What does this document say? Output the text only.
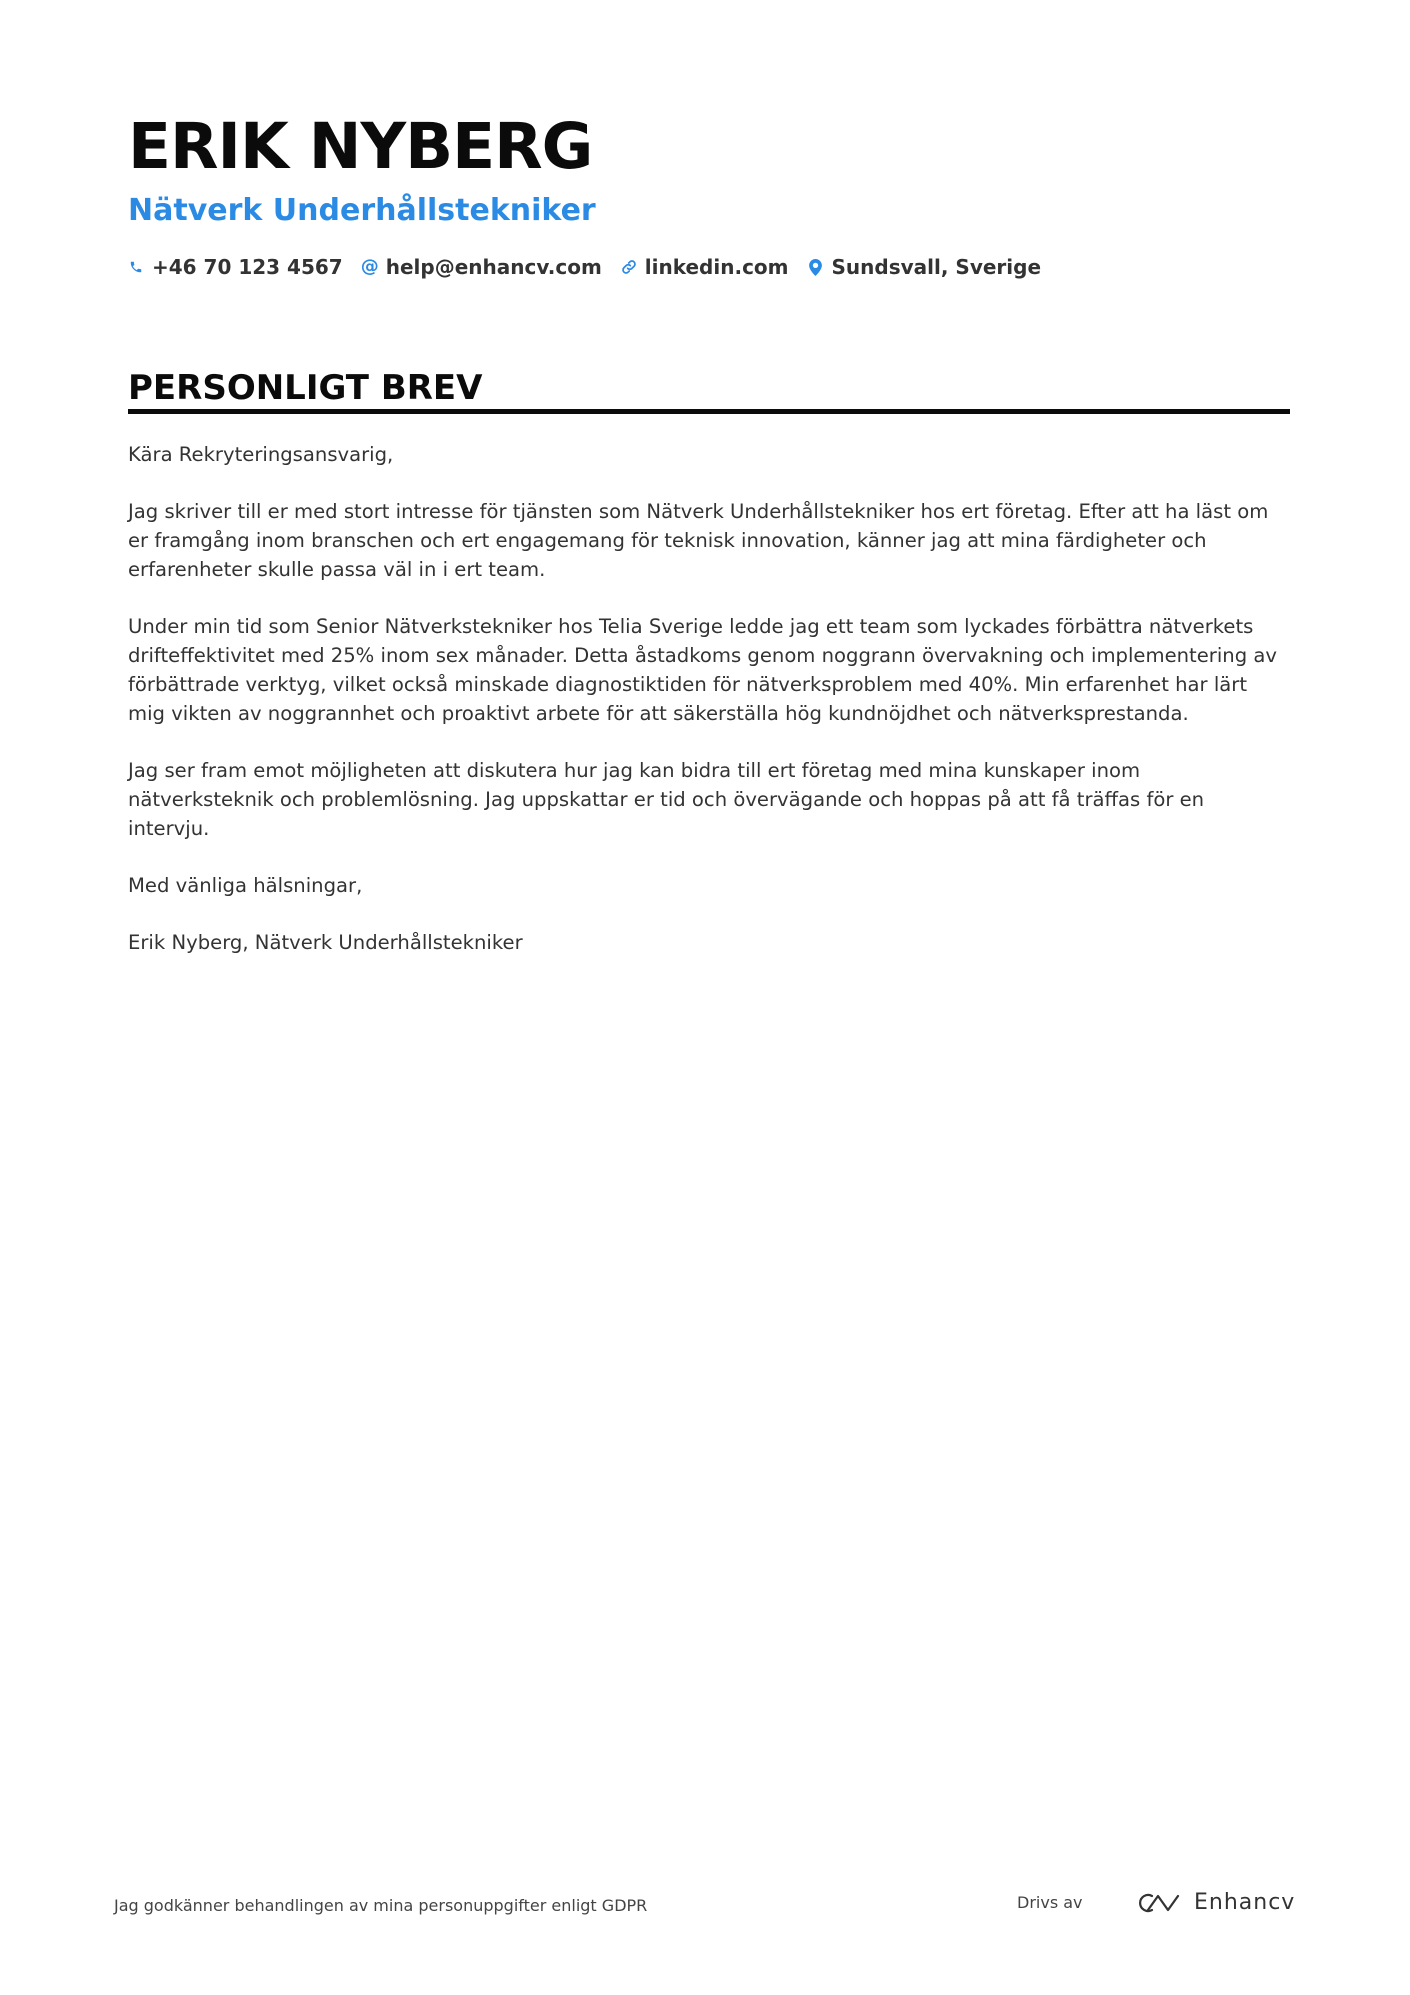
ERIK NYBERG
Nätverk Underhållstekniker
+46 70 123 4567 @ help@enhancv.com linkedin.com Sundsvall, Sverige
PERSONLIGT BREV

Kära Rekryteringsansvarig,

Jag skriver till er med stort intresse för tjänsten som Nätverk Underhållstekniker hos ert företag. Efter att ha läst om er framgång inom branschen och ert engagemang för teknisk innovation, känner jag att mina färdigheter och erfarenheter skulle passa väl in i ert team.

Under min tid som Senior Nätverkstekniker hos Telia Sverige ledde jag ett team som lyckades förbättra nätverkets drifteffektivitet med 25% inom sex månader. Detta åstadkoms genom noggrann övervakning och implementering av förbättrade verktyg, vilket också minskade diagnostiktiden för nätverksproblem med 40%. Min erfarenhet har lärt mig vikten av noggrannhet och proaktivt arbete för att säkerställa hög kundnöjdhet och nätverksprestanda.

Jag ser fram emot möjligheten att diskutera hur jag kan bidra till ert företag med mina kunskaper inom nätverksteknik och problemlösning. Jag uppskattar er tid och övervägande och hoppas på att få träffas för en intervju.

Med vänliga hälsningar,

Erik Nyberg, Nätverk Underhållstekniker

Jag godkänner behandlingen av mina personuppgifter enligt GDPR	Drivs av	Enhancv
